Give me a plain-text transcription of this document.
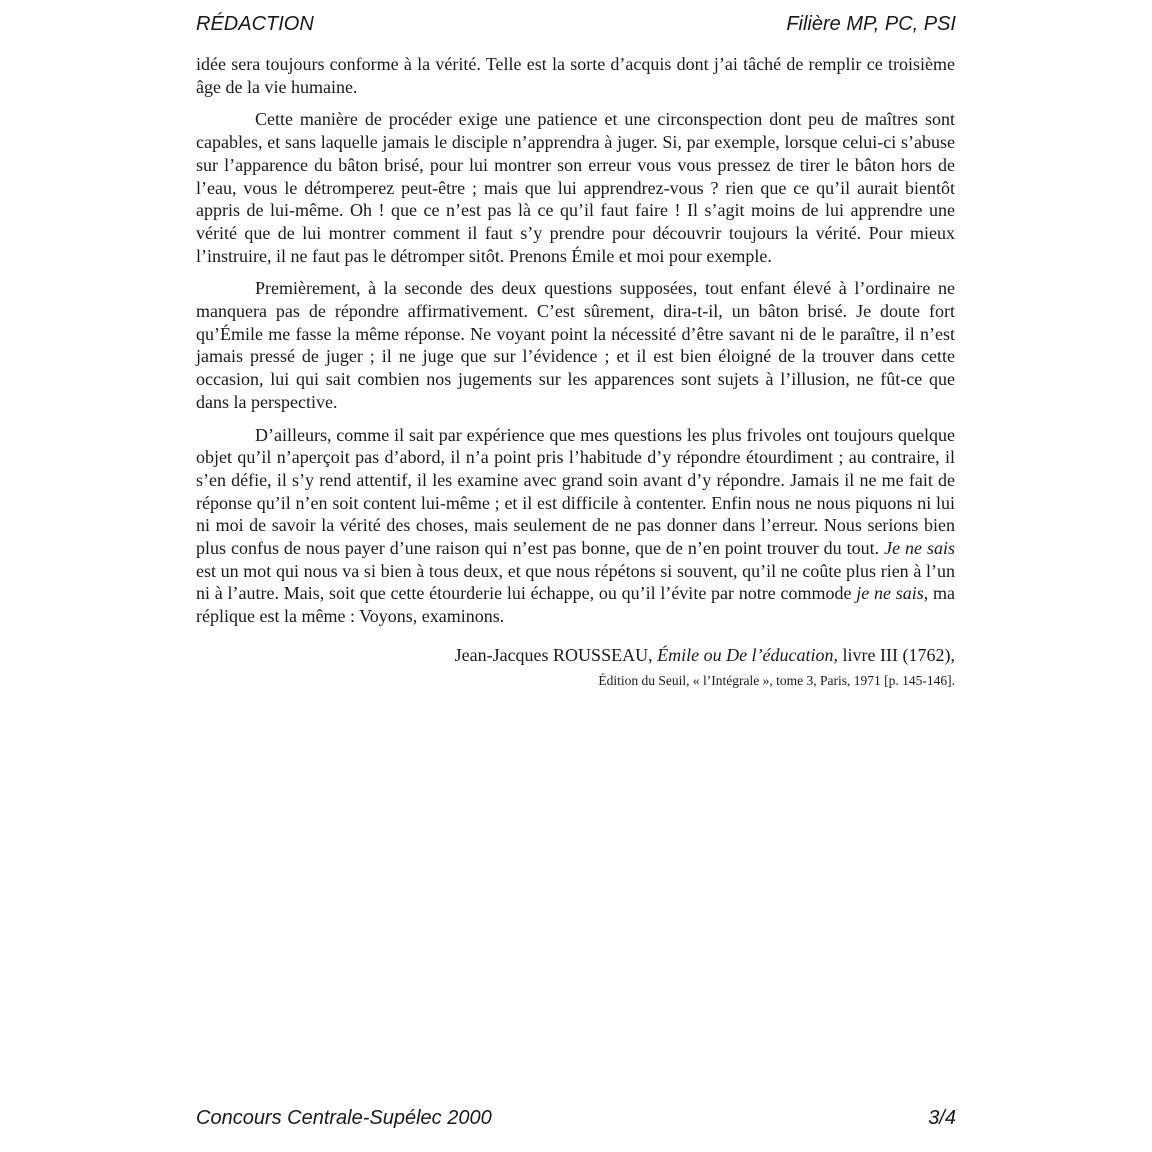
RÉDACTION	Filière MP, PC, PSI

idée sera toujours conforme à la vérité. Telle est la sorte d’acquis dont j’ai tâché de remplir ce troisième âge de la vie humaine.

Cette manière de procéder exige une patience et une circonspection dont peu de maîtres sont capables, et sans laquelle jamais le disciple n’apprendra à juger. Si, par exemple, lorsque celui-ci s’abuse sur l’apparence du bâton brisé, pour lui montrer son erreur vous vous pressez de tirer le bâton hors de l’eau, vous le détromperez peut-être ; mais que lui apprendrez-vous ? rien que ce qu’il aurait bientôt appris de lui-même. Oh ! que ce n’est pas là ce qu’il faut faire ! Il s’agit moins de lui apprendre une vérité que de lui montrer comment il faut s’y prendre pour découvrir toujours la vérité. Pour mieux l’instruire, il ne faut pas le détromper sitôt. Prenons Émile et moi pour exemple.

Premièrement, à la seconde des deux questions supposées, tout enfant élevé à l’ordinaire ne manquera pas de répondre affirmativement. C’est sûrement, dira-t-il, un bâton brisé. Je doute fort qu’Émile me fasse la même réponse. Ne voyant point la nécessité d’être savant ni de le paraître, il n’est jamais pressé de juger ; il ne juge que sur l’évidence ; et il est bien éloigné de la trouver dans cette occasion, lui qui sait combien nos jugements sur les apparences sont sujets à l’illusion, ne fût-ce que dans la perspective.

D’ailleurs, comme il sait par expérience que mes questions les plus frivoles ont toujours quelque objet qu’il n’aperçoit pas d’abord, il n’a point pris l’habitude d’y répondre étourdiment ; au contraire, il s’en défie, il s’y rend attentif, il les examine avec grand soin avant d’y répondre. Jamais il ne me fait de réponse qu’il n’en soit content lui-même ; et il est difficile à contenter. Enfin nous ne nous piquons ni lui ni moi de savoir la vérité des choses, mais seulement de ne pas donner dans l’erreur. Nous serions bien plus confus de nous payer d’une raison qui n’est pas bonne, que de n’en point trouver du tout. Je ne sais est un mot qui nous va si bien à tous deux, et que nous répétons si souvent, qu’il ne coûte plus rien à l’un ni à l’autre. Mais, soit que cette étourderie lui échappe, ou qu’il l’évite par notre commode je ne sais, ma réplique est la même : Voyons, examinons.

Jean-Jacques ROUSSEAU, Émile ou De l’éducation, livre III (1762),
Édition du Seuil, « l’Intégrale », tome 3, Paris, 1971 [p. 145-146].
Concours Centrale-Supélec 2000	3/4
